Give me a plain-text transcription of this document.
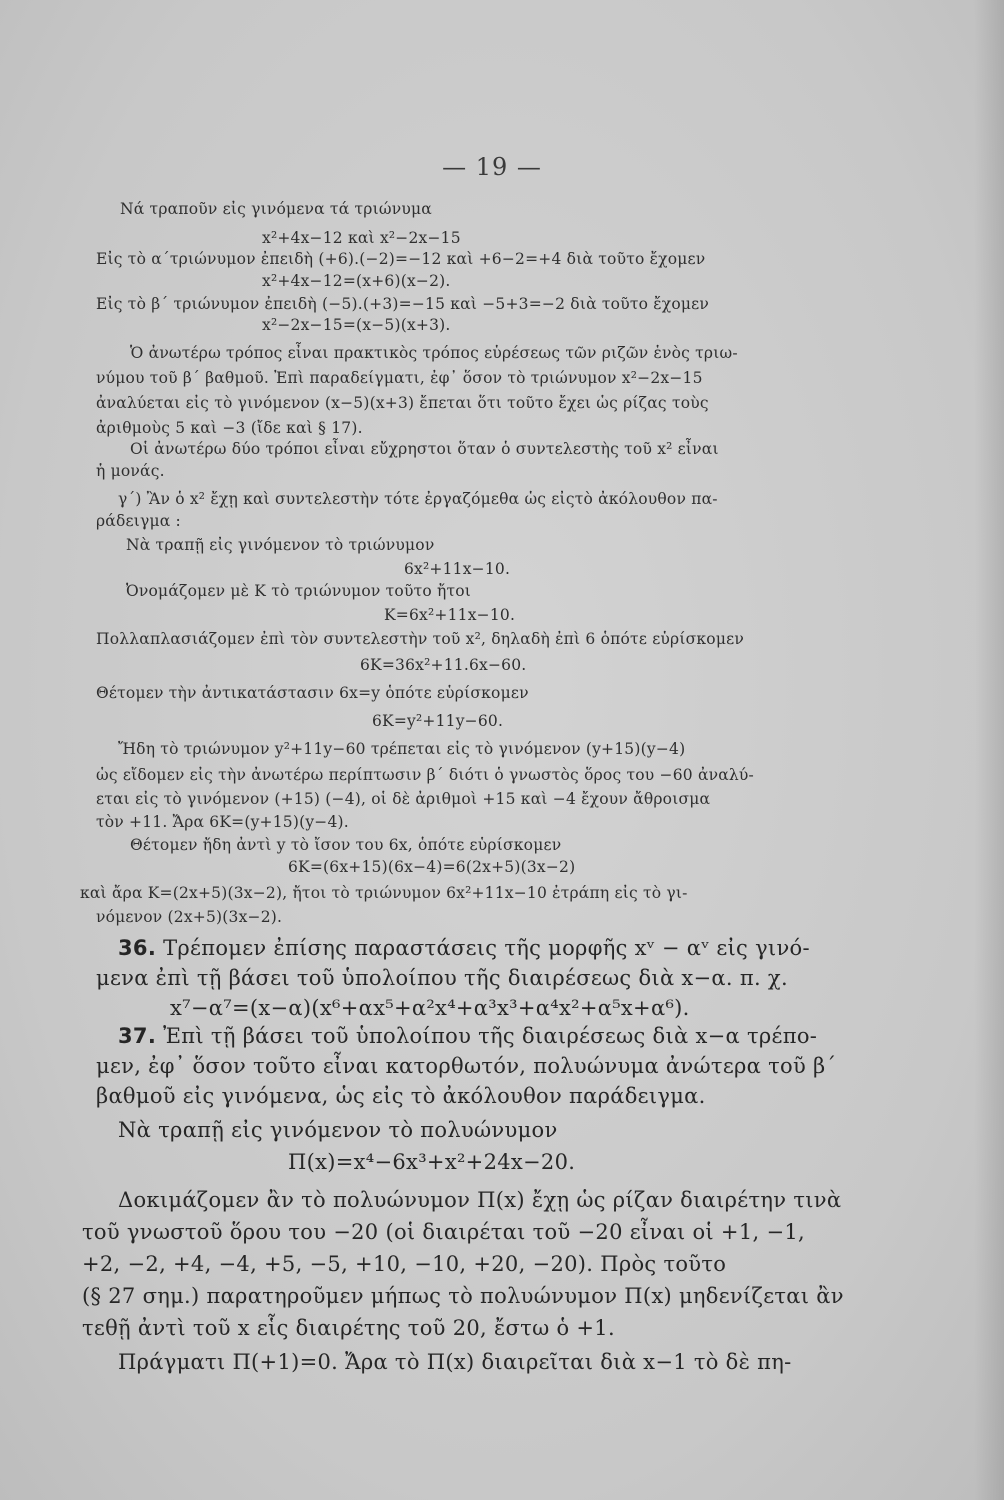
— 19 —
Νά τραποῦν εἰς γινόμενα τά τριώνυμα
x²+4x−12 καὶ x²−2x−15
Εἰς τὸ α΄τριώνυμον ἐπειδὴ (+6).(−2)=−12 καὶ +6−2=+4 διὰ τοῦτο ἔχομεν
x²+4x−12=(x+6)(x−2).
Εἰς τὸ β΄ τριώνυμον ἐπειδὴ (−5).(+3)=−15 καὶ −5+3=−2 διὰ τοῦτο ἔχομεν
x²−2x−15=(x−5)(x+3).
Ὁ ἀνωτέρω τρόπος εἶναι πρακτικὸς τρόπος εὑρέσεως τῶν ριζῶν ἑνὸς τριω-
νύμου τοῦ β΄ βαθμοῦ. Ἐπὶ παραδείγματι, ἐφ᾽ ὅσον τὸ τριώνυμον x²−2x−15
ἀναλύεται εἰς τὸ γινόμενον (x−5)(x+3) ἔπεται ὅτι τοῦτο ἔχει ὡς ρίζας τοὺς
ἀριθμοὺς 5 καὶ −3 (ἴδε καὶ § 17).
Οἱ ἀνωτέρω δύο τρόποι εἶναι εὔχρηστοι ὅταν ὁ συντελεστὴς τοῦ x² εἶναι
ἡ μονάς.
γ΄) Ἂν ὁ x² ἔχῃ καὶ συντελεστὴν τότε ἐργαζόμεθα ὡς εἰςτὸ ἀκόλουθον πα-
ράδειγμα :
Νὰ τραπῇ εἰς γινόμενον τὸ τριώνυμον
6x²+11x−10.
Ὀνομάζομεν μὲ Κ τὸ τριώνυμον τοῦτο ἤτοι
Κ=6x²+11x−10.
Πολλαπλασιάζομεν ἐπὶ τὸν συντελεστὴν τοῦ x², δηλαδὴ ἐπὶ 6 ὁπότε εὑρίσκομεν
6Κ=36x²+11.6x−60.
Θέτομεν τὴν ἀντικατάστασιν 6x=y ὁπότε εὑρίσκομεν
6Κ=y²+11y−60.
Ἤδη τὸ τριώνυμον y²+11y−60 τρέπεται εἰς τὸ γινόμενον (y+15)(y−4)
ὡς εἴδομεν εἰς τὴν ἀνωτέρω περίπτωσιν β΄ διότι ὁ γνωστὸς ὅρος του −60 ἀναλύ-
εται εἰς τὸ γινόμενον (+15) (−4), οἱ δὲ ἀριθμοὶ +15 καὶ −4 ἔχουν ἄθροισμα
τὸν +11. Ἄρα 6Κ=(y+15)(y−4).
Θέτομεν ἤδη ἀντὶ y τὸ ἴσον του 6x, ὁπότε εὑρίσκομεν
6Κ=(6x+15)(6x−4)=6(2x+5)(3x−2)
καὶ ἄρα Κ=(2x+5)(3x−2), ἤτοι τὸ τριώνυμον 6x²+11x−10 ἐτράπη εἰς τὸ γι-
νόμενον (2x+5)(3x−2).
36. Τρέπομεν ἐπίσης παραστάσεις τῆς μορφῆς xᵛ − αᵛ εἰς γινό-
μενα ἐπὶ τῇ βάσει τοῦ ὑπολοίπου τῆς διαιρέσεως διὰ x−α. π. χ.
x⁷−α⁷=(x−α)(x⁶+αx⁵+α²x⁴+α³x³+α⁴x²+α⁵x+α⁶).
37. Ἐπὶ τῇ βάσει τοῦ ὑπολοίπου τῆς διαιρέσεως διὰ x−α τρέπο-
μεν, ἐφ᾽ ὅσον τοῦτο εἶναι κατορθωτόν, πολυώνυμα ἀνώτερα τοῦ β΄
βαθμοῦ εἰς γινόμενα, ὡς εἰς τὸ ἀκόλουθον παράδειγμα.
Νὰ τραπῇ εἰς γινόμενον τὸ πολυώνυμον
Π(x)=x⁴−6x³+x²+24x−20.
Δοκιμάζομεν ἂν τὸ πολυώνυμον Π(x) ἔχῃ ὡς ρίζαν διαιρέτην τινὰ
τοῦ γνωστοῦ ὅρου του −20 (οἱ διαιρέται τοῦ −20 εἶναι οἱ +1, −1,
+2, −2, +4, −4, +5, −5, +10, −10, +20, −20). Πρὸς τοῦτο
(§ 27 σημ.) παρατηροῦμεν μήπως τὸ πολυώνυμον Π(x) μηδενίζεται ἂν
τεθῇ ἀντὶ τοῦ x εἷς διαιρέτης τοῦ 20, ἔστω ὁ +1.
Πράγματι Π(+1)=0. Ἄρα τὸ Π(x) διαιρεῖται διὰ x−1 τὸ δὲ πη-
